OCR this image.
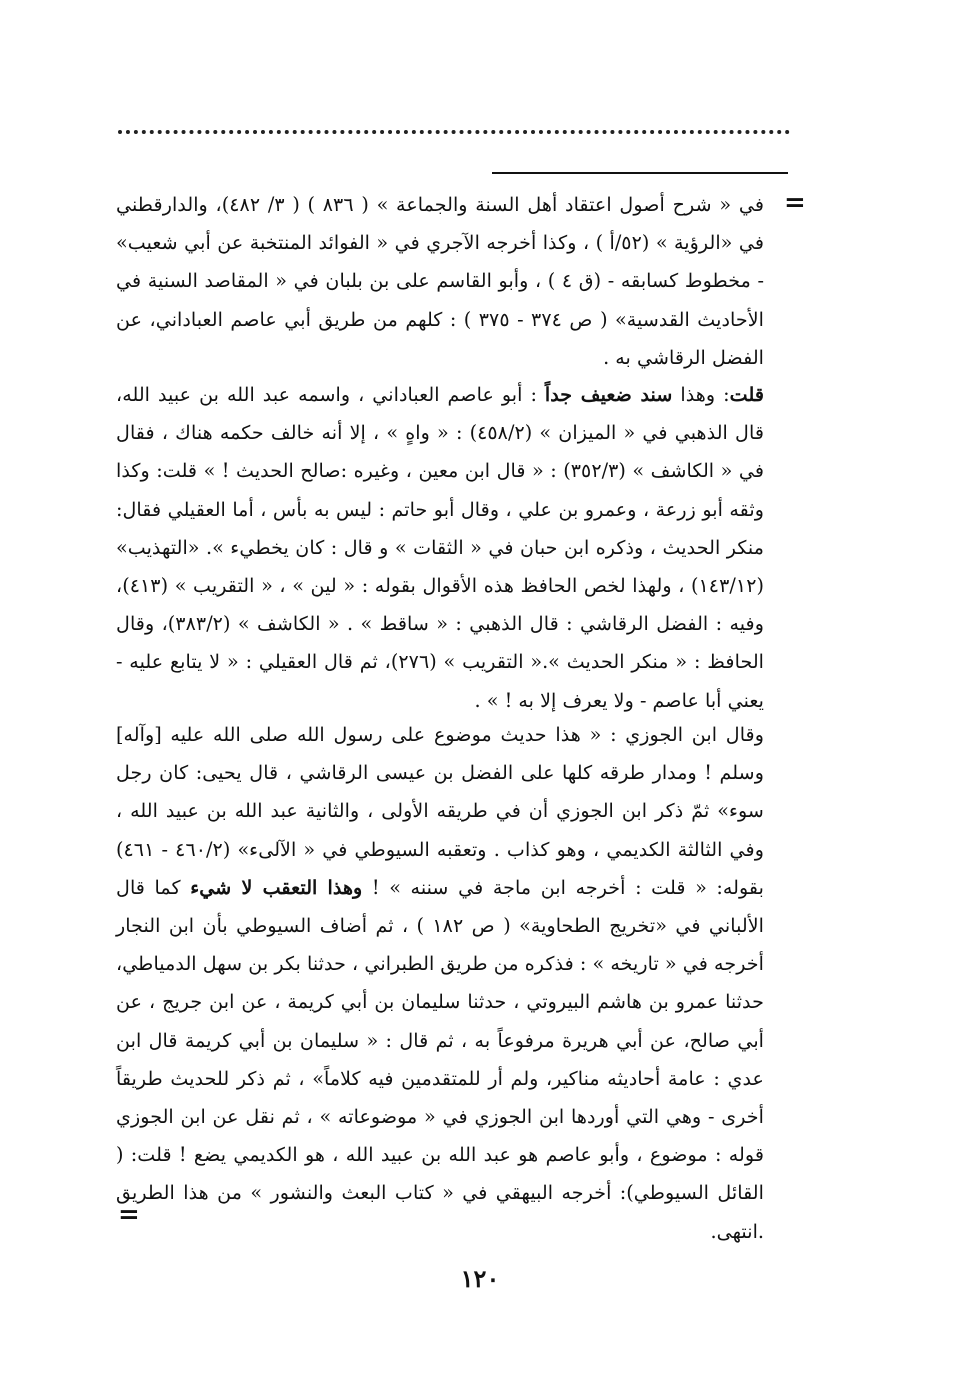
=

في « شرح أصول اعتقاد أهل السنة والجماعة » ( ٨٣٦ ) ( ٣/ ٤٨٢)، والدارقطني في «الرؤية » (٥٢/أ ) ، وكذا أخرجه الآجري في « الفوائد المنتخبة عن أبي شعيب» - مخطوط كسابقه - (ق ٤ ) ، وأبو القاسم على بن بلبان في « المقاصد السنية في الأحاديث القدسية» ( ص ٣٧٤ - ٣٧٥ ) : كلهم من طريق أبي عاصم العباداني، عن الفضل الرقاشي به .

قلت: وهذا سند ضعيف جداً : أبو عاصم العباداني ، واسمه عبد الله بن عبيد الله، قال الذهبي في « الميزان » (٤٥٨/٢) : « واهٍ » ، إلا أنه خالف حكمه هناك ، فقال في « الكاشف » (٣٥٢/٣) : « قال ابن معين ، وغيره :صالح الحديث ! » قلت: وكذا وثقه أبو زرعة ، وعمرو بن علي ، وقال أبو حاتم : ليس به بأس ، أما العقيلي فقال: منكر الحديث ، وذكره ابن حبان في « الثقات » و قال : كان يخطيء ». «التهذيب» (١٤٣/١٢) ، ولهذا لخص الحافظ هذه الأقوال بقوله : « لين » ، « التقريب » (٤١٣)، وفيه : الفضل الرقاشي : قال الذهبي : « ساقط » . « الكاشف » (٣٨٣/٢)، وقال الحافظ : « منكر الحديث ».« التقريب » (٢٧٦)، ثم قال العقيلي : « لا يتابع عليه - يعني أبا عاصم - ولا يعرف إلا به ! » .

وقال ابن الجوزي : « هذا حديث موضوع على رسول الله صلى الله عليه [وآله] وسلم ! ومدار طرقه كلها على الفضل بن عيسى الرقاشي ، قال يحيى: كان رجل سوء» ثمّ ذكر ابن الجوزي أن في طريقه الأولى ، والثانية عبد الله بن عبيد الله ، وفي الثالثة الكديمي ، وهو كذاب . وتعقبه السيوطي في « الآلىء» (٤٦٠/٢ - ٤٦١) بقوله: « قلت : أخرجه ابن ماجة في سننه » ! وهذا التعقب لا شيء كما قال الألباني في «تخريج الطحاوية» ( ص ١٨٢ ) ، ثم أضاف السيوطي بأن ابن النجار أخرجه في « تاريخه » : فذكره من طريق الطبراني ، حدثنا بكر بن سهل الدمياطي، حدثنا عمرو بن هاشم البيروتي ، حدثنا سليمان بن أبي كريمة ، عن ابن جريج ، عن أبي صالح، عن أبي هريرة مرفوعاً به ، ثم قال : « سليمان بن أبي كريمة قال ابن عدي : عامة أحاديثه مناكير، ولم أر للمتقدمين فيه كلاماً» ، ثم ذكر للحديث طريقاً أخرى - وهي التي أوردها ابن الجوزي في « موضوعاته » ، ثم نقل عن ابن الجوزي قوله : موضوع ، وأبو عاصم هو عبد الله بن عبيد الله ، هو الكديمي يضع ! قلت: ( القائل السيوطي): أخرجه البيهقي في « كتاب البعث والنشور » من هذا الطريق .انتهى.

=
١٢٠
